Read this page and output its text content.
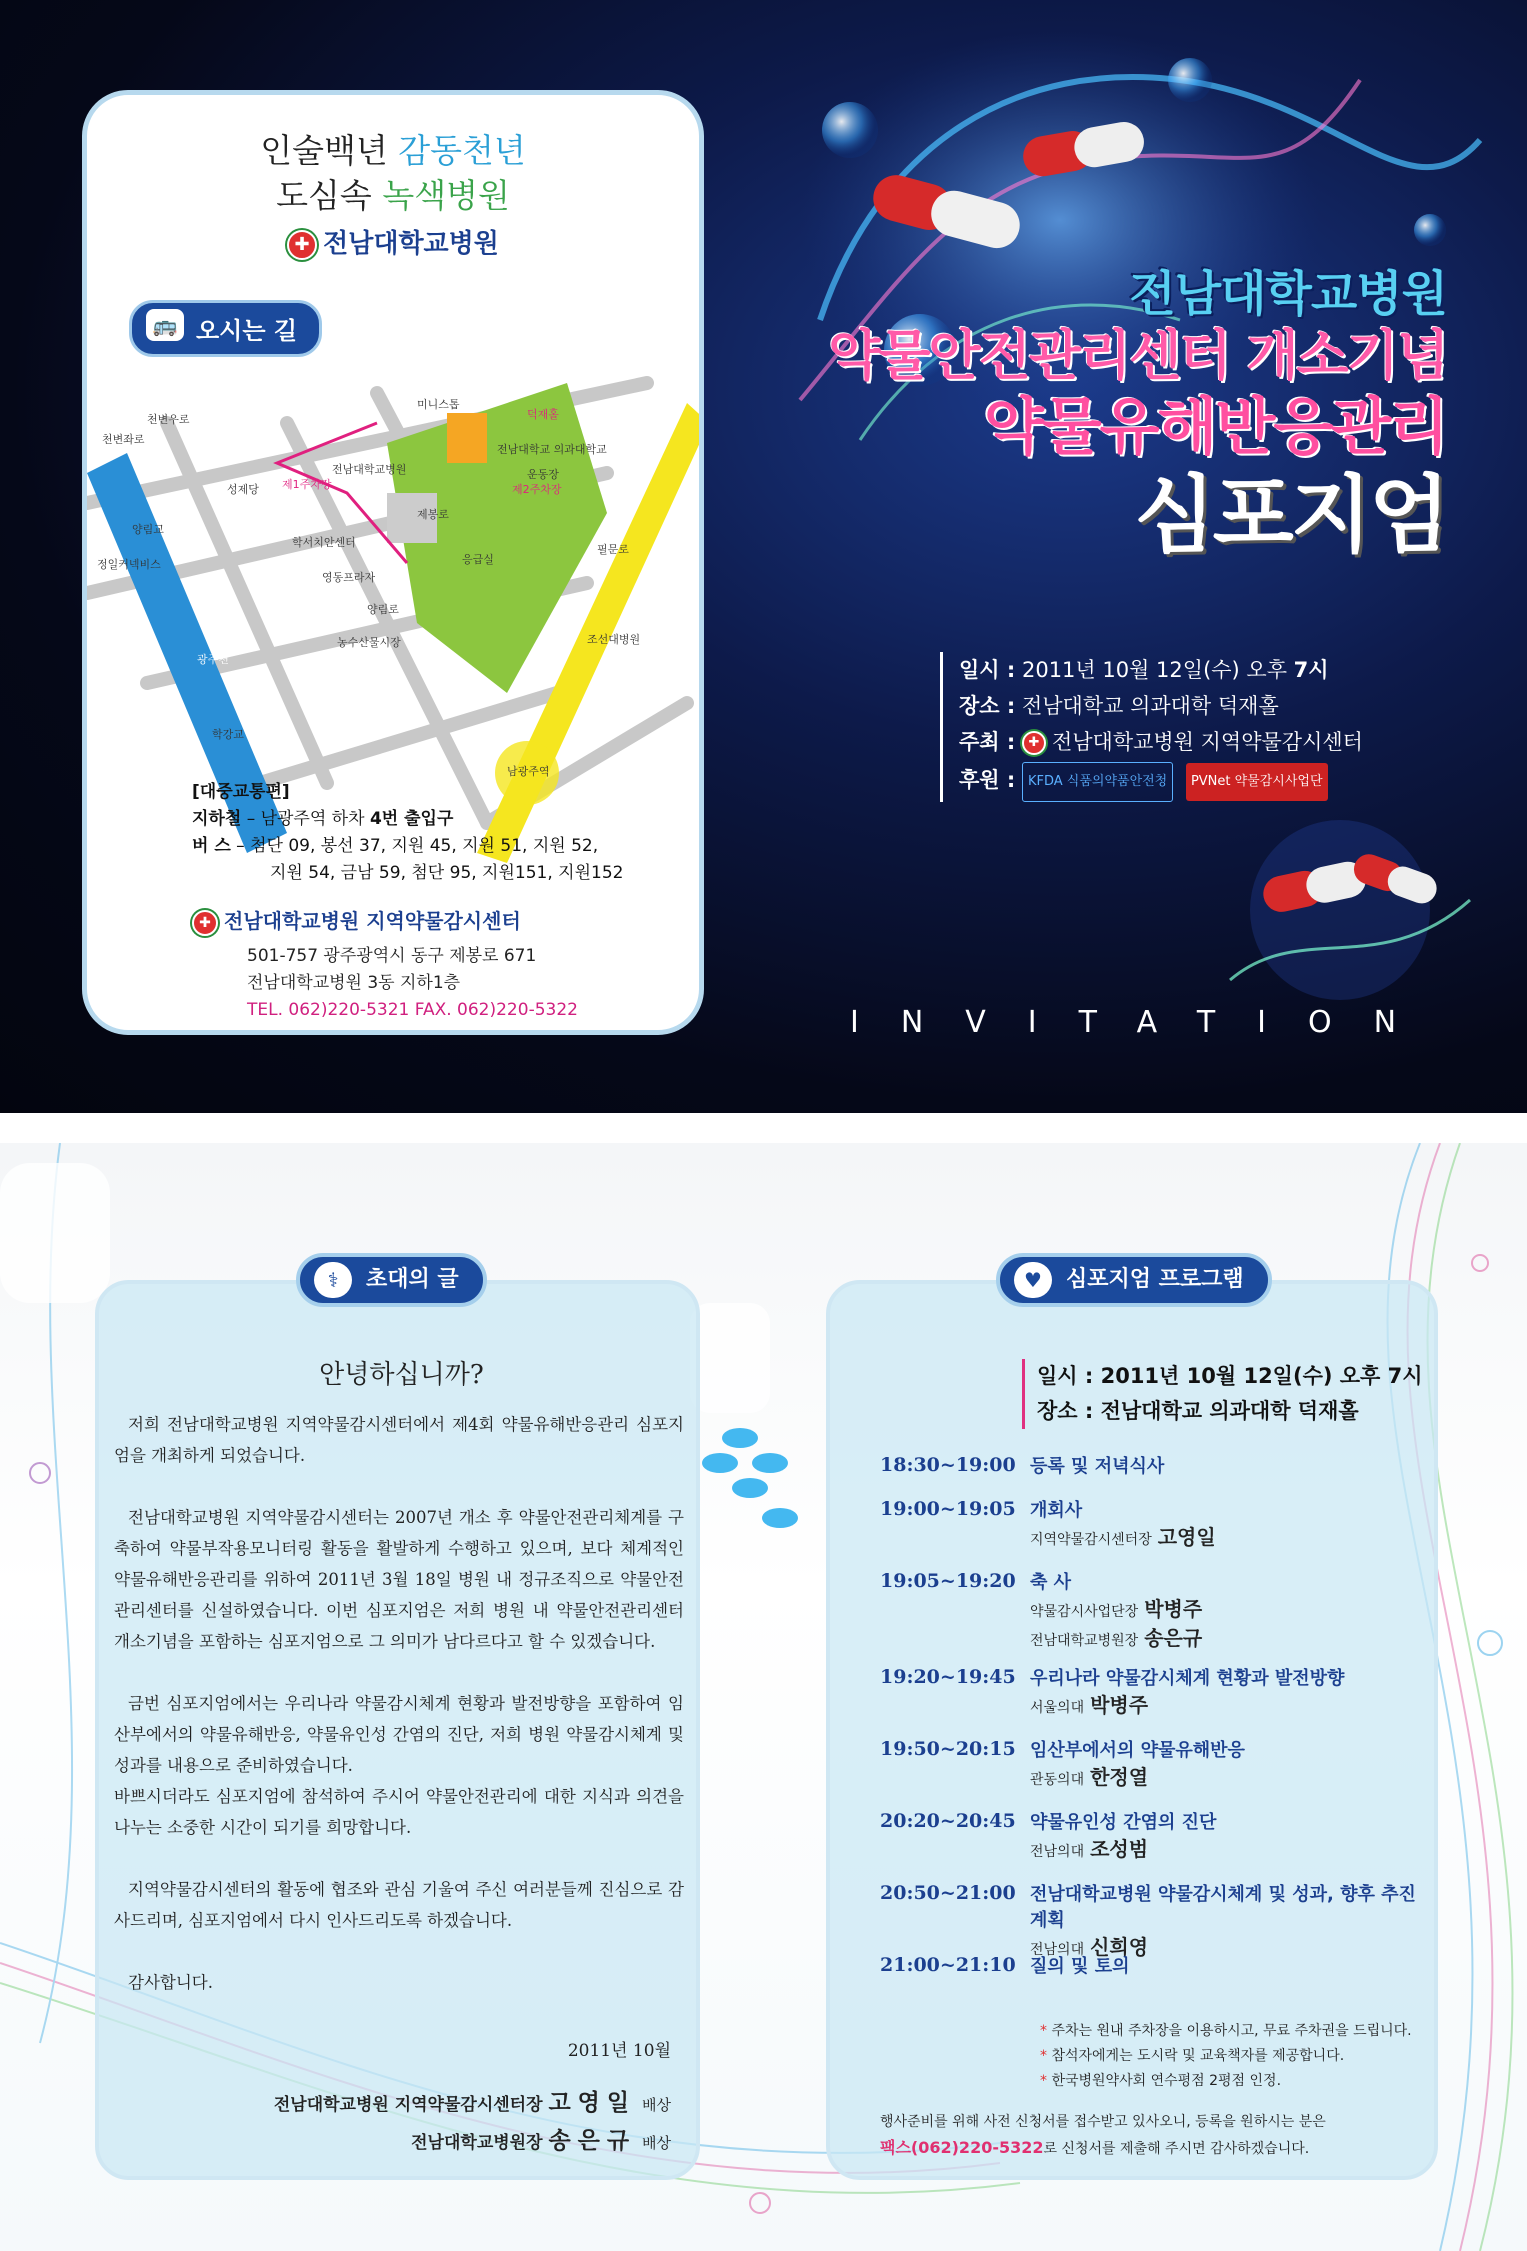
인술백년 감동천년
도심속 녹색병원
✚ 전남대학교병원
🚌 오시는 길
미니스톱
제1주차장	제2주차장
덕재홀
전남대학교병원
전남대학교 의과대학교
운동장
성제당
학서치안센터
영동프라자
응급실
농수산물시장
남광주역
조선대병원
정일커넥비스
광주천
양림교
학강교
천변좌로
천변우로
제봉로
필문로
양림로
[대중교통편]
지하철 – 남광주역 하차 4번 출입구
버 스 – 첨단 09, 봉선 37, 지원 45, 지원 51, 지원 52,
지원 54, 금남 59, 첨단 95, 지원151, 지원152
✚ 전남대학교병원 지역약물감시센터
501-757 광주광역시 동구 제봉로 671
전남대학교병원 3동 지하1층
TEL. 062)220-5321 FAX. 062)220-5322
전남대학교병원
약물안전관리센터 개소기념
약물유해반응관리
심포지엄
일시 : 2011년 10월 12일(수) 오후 7시
장소 : 전남대학교 의과대학 덕재홀
주최 : ✚ 전남대학교병원 지역약물감시센터
후원 : KFDA 식품의약품안전청 PVNet 약물감시사업단
INVITATION
안녕하십니까?

저희 전남대학교병원 지역약물감시센터에서 제4회 약물유해반응관리 심포지엄을 개최하게 되었습니다.

전남대학교병원 지역약물감시센터는 2007년 개소 후 약물안전관리체계를 구축하여 약물부작용모니터링 활동을 활발하게 수행하고 있으며, 보다 체계적인 약물유해반응관리를 위하여 2011년 3월 18일 병원 내 정규조직으로 약물안전관리센터를 신설하였습니다. 이번 심포지엄은 저희 병원 내 약물안전관리센터 개소기념을 포함하는 심포지엄으로 그 의미가 남다르다고 할 수 있겠습니다.

금번 심포지엄에서는 우리나라 약물감시체계 현황과 발전방향을 포함하여 임산부에서의 약물유해반응, 약물유인성 간염의 진단, 저희 병원 약물감시체계 및 성과를 내용으로 준비하였습니다.

바쁘시더라도 심포지엄에 참석하여 주시어 약물안전관리에 대한 지식과 의견을 나누는 소중한 시간이 되기를 희망합니다.

지역약물감시센터의 활동에 협조와 관심 기울여 주신 여러분들께 진심으로 감사드리며, 심포지엄에서 다시 인사드리도록 하겠습니다.

감사합니다.

2011년 10월
전남대학교병원 지역약물감시센터장 고영일 배상
전남대학교병원장 송은규 배상
⚕	초대의 글
일시 : 2011년 10월 12일(수) 오후 7시
장소 : 전남대학교 의과대학 덕재홀
18:30~19:00 등록 및 저녁식사
19:00~19:05 개회사
지역약물감시센터장 고영일
19:05~19:20 축 사
약물감시사업단장 박병주
전남대학교병원장 송은규
19:20~19:45 우리나라 약물감시체계 현황과 발전방향
서울의대 박병주
19:50~20:15 임산부에서의 약물유해반응
관동의대 한정열
20:20~20:45 약물유인성 간염의 진단
전남의대 조성범
20:50~21:00 전남대학교병원 약물감시체계 및 성과, 향후 추진계획
전남의대 신희영
21:00~21:10 질의 및 토의
* 주차는 원내 주차장을 이용하시고, 무료 주차권을 드립니다.
* 참석자에게는 도시락 및 교육책자를 제공합니다.
* 한국병원약사회 연수평점 2평점 인정.
행사준비를 위해 사전 신청서를 접수받고 있사오니, 등록을 원하시는 분은
팩스(062)220-5322로 신청서를 제출해 주시면 감사하겠습니다.
♥	심포지엄 프로그램
